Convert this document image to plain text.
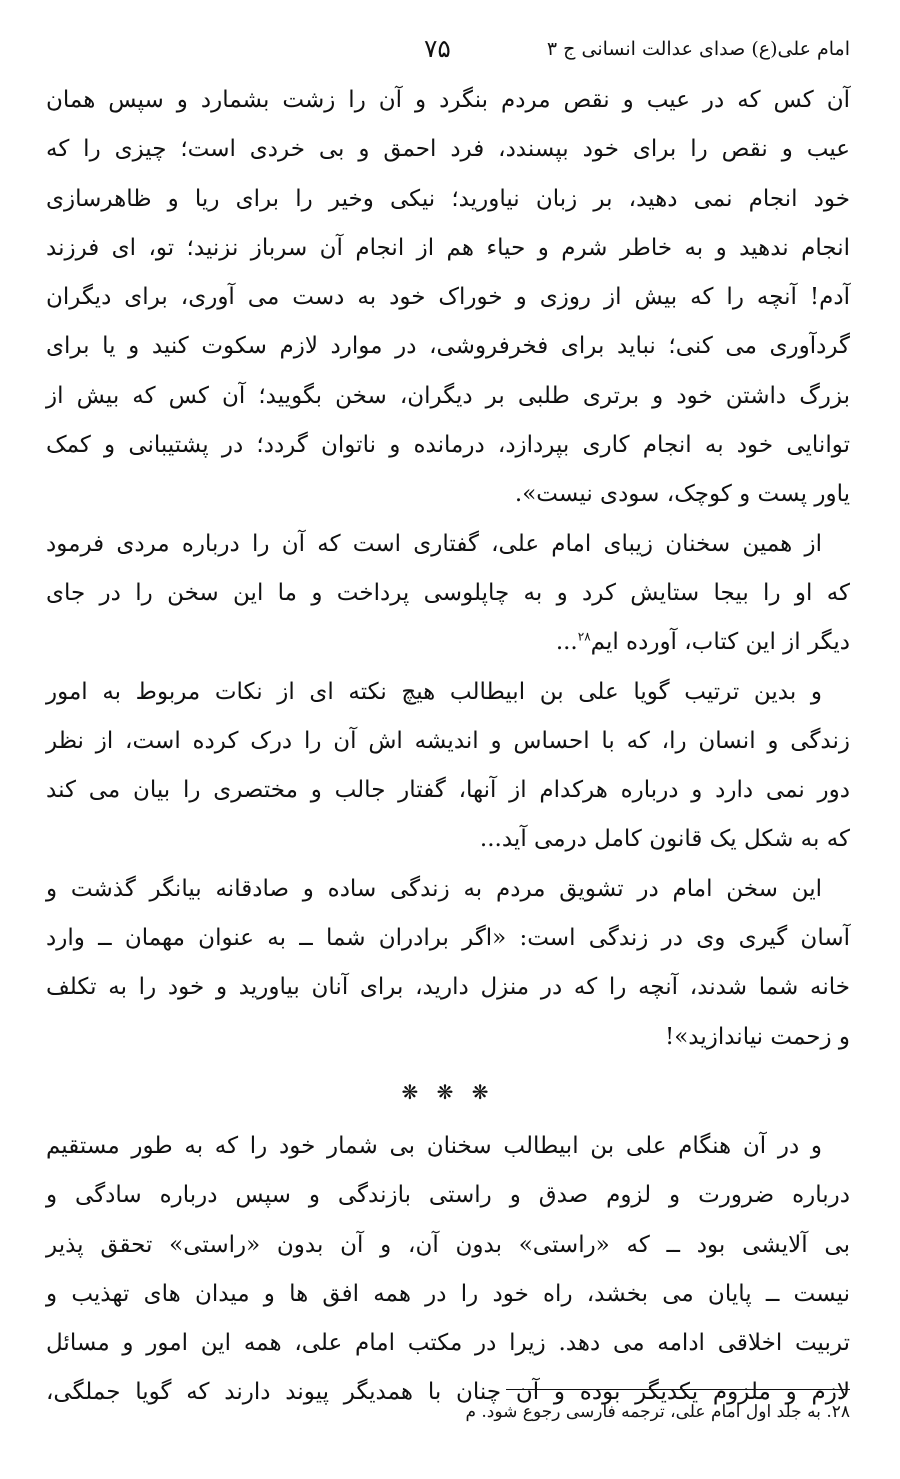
امام علی(ع) صدای عدالت انسانی ج ۳
۷۵
آن کس که در عیب و نقص مردم بنگرد و آن را زشت بشمارد و سپس همان
عیب و نقص را برای خود بپسندد، فرد احمق و بی خردی است؛ چیزی را که
خود انجام نمی دهید، بر زبان نیاورید؛ نیکی وخیر را برای ریا و ظاهرسازی
انجام ندهید و به خاطر شرم و حیاء هم از انجام آن سرباز نزنید؛ تو، ای فرزند
آدم! آنچه را که بیش از روزی و خوراک خود به دست می آوری، برای دیگران
گردآوری می کنی؛ نباید برای فخرفروشی، در موارد لازم سکوت کنید و یا برای
بزرگ داشتن خود و برتری طلبی بر دیگران، سخن بگویید؛ آن کس که بیش از
توانایی خود به انجام کاری بپردازد، درمانده و ناتوان گردد؛ در پشتیبانی و کمک
یاور پست و کوچک، سودی نیست».
از همین سخنان زیبای امام علی، گفتاری است که آن را درباره مردی فرمود
که او را بیجا ستایش کرد و به چاپلوسی پرداخت و ما این سخن را در جای
دیگر از این کتاب، آورده ایم$^{۲۸}$...
و بدین ترتیب گویا علی بن ابیطالب هیچ نکته ای از نکات مربوط به امور
زندگی و انسان را، که با احساس و اندیشه اش آن را درک کرده است، از نظر
دور نمی دارد و درباره هرکدام از آنها، گفتار جالب و مختصری را بیان می کند
که به شکل یک قانون کامل درمی آید...
این سخن امام در تشویق مردم به زندگی ساده و صادقانه بیانگر گذشت و
آسان گیری وی در زندگی است: «اگر برادران شما ــ به عنوان مهمان ــ وارد
خانه شما شدند، آنچه را که در منزل دارید، برای آنان بیاورید و خود را به تکلف
و زحمت نیاندازید»!
❋ ❋ ❋
و در آن هنگام علی بن ابیطالب سخنان بی شمار خود را که به طور مستقیم
درباره ضرورت و لزوم صدق و راستی بازندگی و سپس درباره سادگی و
بی آلایشی بود ــ که «راستی» بدون آن، و آن بدون «راستی» تحقق پذیر
نیست ــ پایان می بخشد، راه خود را در همه افق ها و میدان های تهذیب و
تربیت اخلاقی ادامه می دهد. زیرا در مکتب امام علی، همه این امور و مسائل
لازم و ملزوم یکدیگر بوده و آن چنان با همدیگر پیوند دارند که گویا جملگی،
۲۸. به جلد اول امام علی، ترجمه فارسی رجوع شود. م
